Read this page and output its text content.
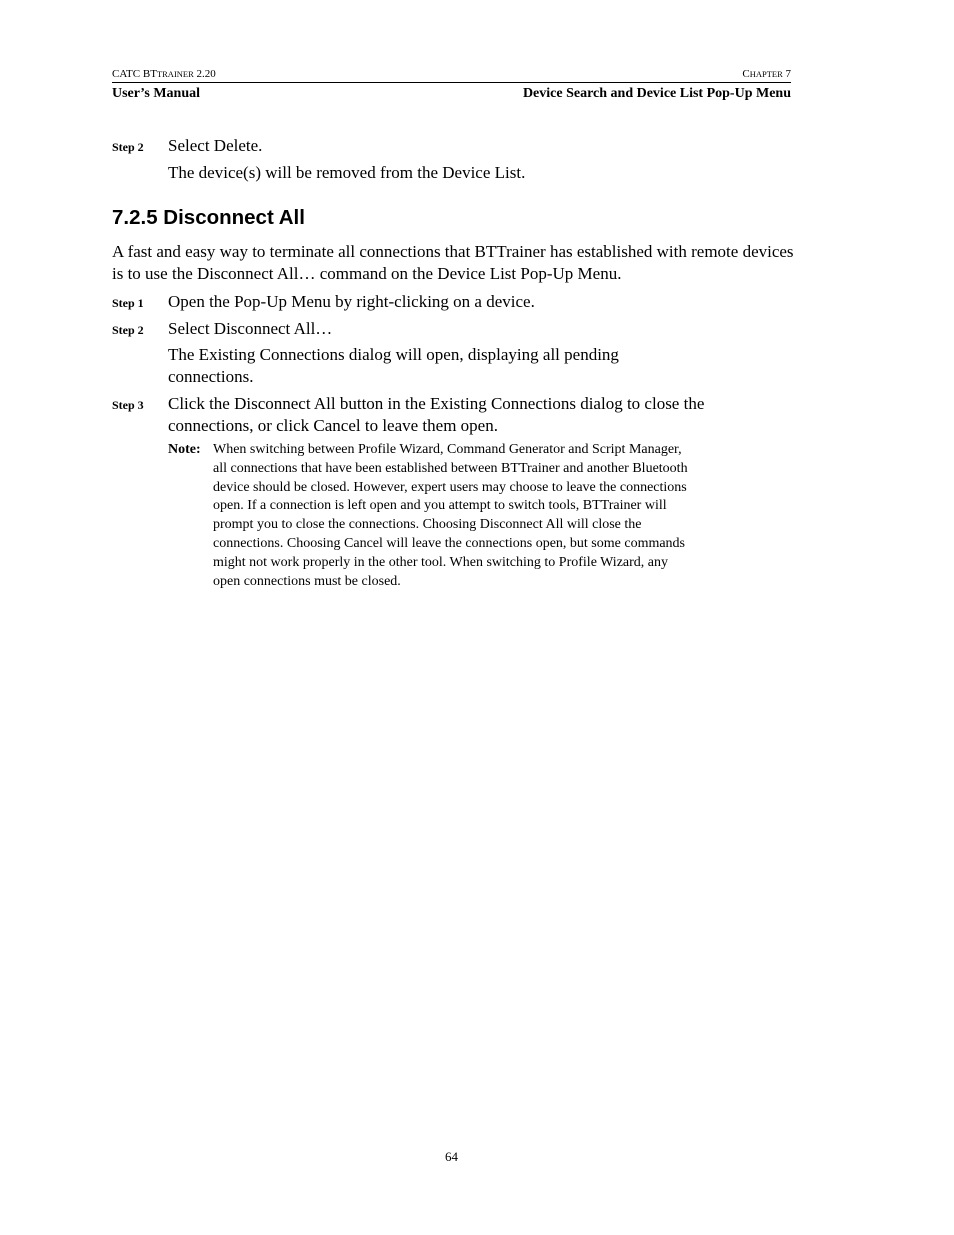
CATC BTTRAINER 2.20	CHAPTER 7
User’s Manual	Device Search and Device List Pop-Up Menu
Step 2 Select Delete.
The device(s) will be removed from the Device List.
7.2.5 Disconnect All
A fast and easy way to terminate all connections that BTTrainer has established with remote devices is to use the Disconnect All… command on the Device List Pop-Up Menu.
Step 1 Open the Pop-Up Menu by right-clicking on a device.
Step 2 Select Disconnect All…
The Existing Connections dialog will open, displaying all pending connections.
Step 3 Click the Disconnect All button in the Existing Connections dialog to close the connections, or click Cancel to leave them open.
Note: When switching between Profile Wizard, Command Generator and Script Manager, all connections that have been established between BTTrainer and another Bluetooth device should be closed. However, expert users may choose to leave the connections open. If a connection is left open and you attempt to switch tools, BTTrainer will prompt you to close the connections. Choosing Disconnect All will close the connections. Choosing Cancel will leave the connections open, but some commands might not work properly in the other tool. When switching to Profile Wizard, any open connections must be closed.
64
